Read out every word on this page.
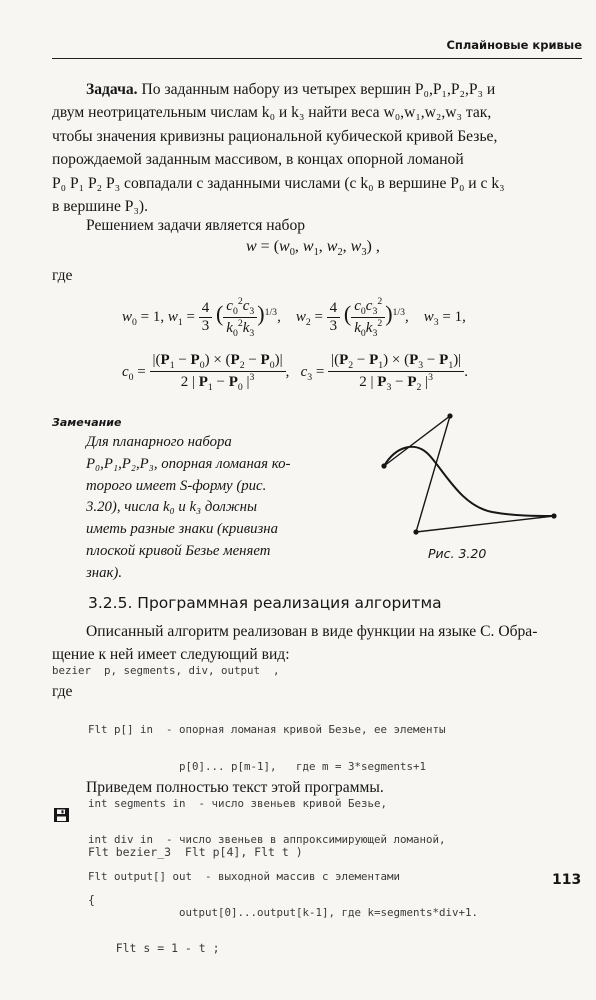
Сплайновые кривые
Задача. По заданным набору из четырех вершин P₀,P₁,P₂,P₃ и
двум неотрицательным числам k₀ и k₃ найти веса w₀,w₁,w₂,w₃ так,
чтобы значения кривизны рациональной кубической кривой Безье,
порождаемой заданным массивом, в концах опорной ломаной
P₀ P₁ P₂ P₃ совпадали с заданными числами (с k₀ в вершине P₀ и с k₃
в вершине P₃).
Решением задачи является набор
$w = (w_0$, $w_1$, $w_2$, $w_3$) ,
где
$w_0 = 1$, $w_1 = \frac{4}{3}$ ( $\frac{c_0^2c_3}{k_0^2k_3} )^{1/3}$,    $w_2 = \frac{4}{3}$ ( $\frac{c_0c_3^2}{k_0k_3^2} )^{1/3}$,    $w_3 = 1$,
$c_0 = \frac{|(P_1 - P_0) \times (P_2 - P_0)|}{2 | P_1 - P_0 |^3}$ ,   $c_3 = \frac{|(P_2 - P_1) \times (P_3 - P_1)|}{2 | P_3 - P_2 |^3}$ .
Замечание
Для планарного набора
P₀,P₁,P₂,P₃, опорная ломаная ко-
торого имеет S-форму (рис.
3.20), числа k₀ и k₃ должны
иметь разные знаки (кривизна
плоской кривой Безье меняет
знак).
Рис. 3.20
3.2.5. Программная реализация алгоритма
Описанный алгоритм реализован в виде функции на языке С. Обра-
щение к ней имеет следующий вид:
bezier  p, segments, div, output  ,
где

Flt p[] in  - опорная ломаная кривой Безье, ее элементы

p[0]... p[m-1],   где m = 3*segments+1

int segments in  - число звеньев кривой Безье,

int div in  - число звеньев в аппроксимирующей ломаной,

Flt output[] out  - выходной массив с элементами

output[0]...output[k-1], где k=segments*div+1.

Приведем полностью текст этой программы.

Flt bezier_3  Flt p[4], Flt t )

{

Flt s = 1 - t ;

113
